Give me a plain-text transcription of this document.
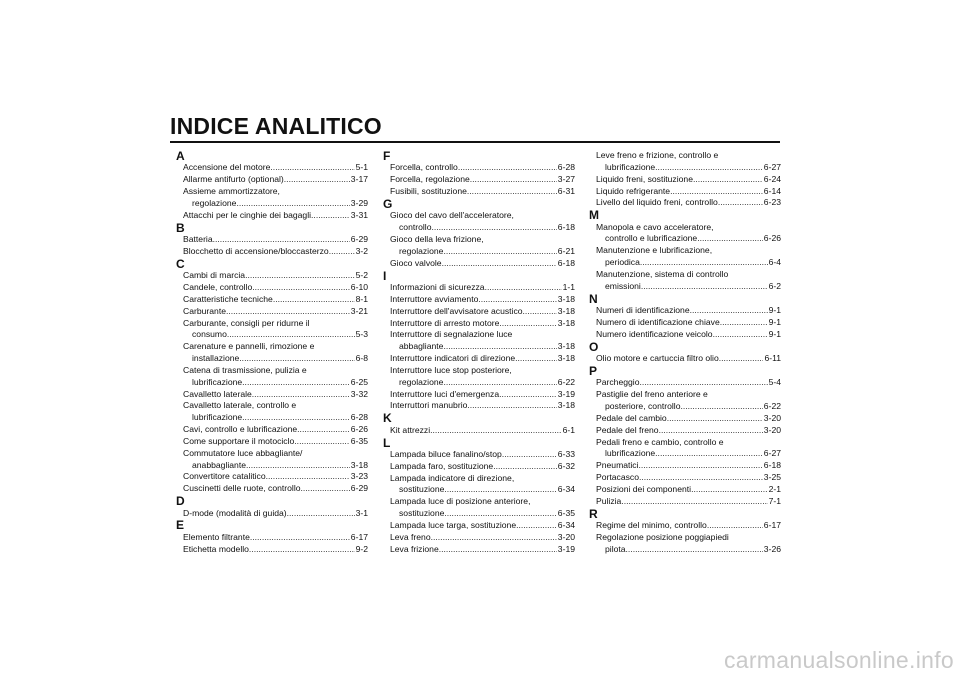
INDICE ANALITICO
A
Accensione del motore .....	5-1
Allarme antifurto (optional) .....	3-17
Assieme ammortizzatore,
regolazione .....	3-29
Attacchi per le cinghie dei bagagli .....	3-31
B
Batteria .....	6-29
Blocchetto di accensione/bloccasterzo .....	3-2
C
Cambi di marcia .....	5-2
Candele, controllo .....	6-10
Caratteristiche tecniche .....	8-1
Carburante .....	3-21
Carburante, consigli per ridurne il
consumo .....	5-3
Carenature e pannelli, rimozione e
installazione .....	6-8
Catena di trasmissione, pulizia e
lubrificazione .....	6-25
Cavalletto laterale .....	3-32
Cavalletto laterale, controllo e
lubrificazione .....	6-28
Cavi, controllo e lubrificazione .....	6-26
Come supportare il motociclo .....	6-35
Commutatore luce abbagliante/
anabbagliante .....	3-18
Convertitore catalitico .....	3-23
Cuscinetti delle ruote, controllo .....	6-29
D
D-mode (modalità di guida) .....	3-1
E
Elemento filtrante .....	6-17
Etichetta modello .....	9-2
F
Forcella, controllo .....	6-28
Forcella, regolazione .....	3-27
Fusibili, sostituzione .....	6-31
G
Gioco del cavo dell'acceleratore,
controllo .....	6-18
Gioco della leva frizione,
regolazione .....	6-21
Gioco valvole .....	6-18
I
Informazioni di sicurezza .....	1-1
Interruttore avviamento .....	3-18
Interruttore dell'avvisatore acustico .....	3-18
Interruttore di arresto motore .....	3-18
Interruttore di segnalazione luce
abbagliante .....	3-18
Interruttore indicatori di direzione .....	3-18
Interruttore luce stop posteriore,
regolazione .....	6-22
Interruttore luci d'emergenza .....	3-19
Interruttori manubrio .....	3-18
K
Kit attrezzi .....	6-1
L
Lampada biluce fanalino/stop .....	6-33
Lampada faro, sostituzione .....	6-32
Lampada indicatore di direzione,
sostituzione .....	6-34
Lampada luce di posizione anteriore,
sostituzione .....	6-35
Lampada luce targa, sostituzione .....	6-34
Leva freno .....	3-20
Leva frizione .....	3-19
Leve freno e frizione, controllo e
lubrificazione .....	6-27
Liquido freni, sostituzione .....	6-24
Liquido refrigerante .....	6-14
Livello del liquido freni, controllo .....	6-23
M
Manopola e cavo acceleratore,
controllo e lubrificazione .....	6-26
Manutenzione e lubrificazione,
periodica .....	6-4
Manutenzione, sistema di controllo
emissioni .....	6-2
N
Numeri di identificazione .....	9-1
Numero di identificazione chiave .....	9-1
Numero identificazione veicolo .....	9-1
O
Olio motore e cartuccia filtro olio .....	6-11
P
Parcheggio .....	5-4
Pastiglie del freno anteriore e
posteriore, controllo .....	6-22
Pedale del cambio .....	3-20
Pedale del freno .....	3-20
Pedali freno e cambio, controllo e
lubrificazione .....	6-27
Pneumatici .....	6-18
Portacasco .....	3-25
Posizioni dei componenti .....	2-1
Pulizia .....	7-1
R
Regime del minimo, controllo .....	6-17
Regolazione posizione poggiapiedi
pilota .....	3-26

carmanualsonline.info
